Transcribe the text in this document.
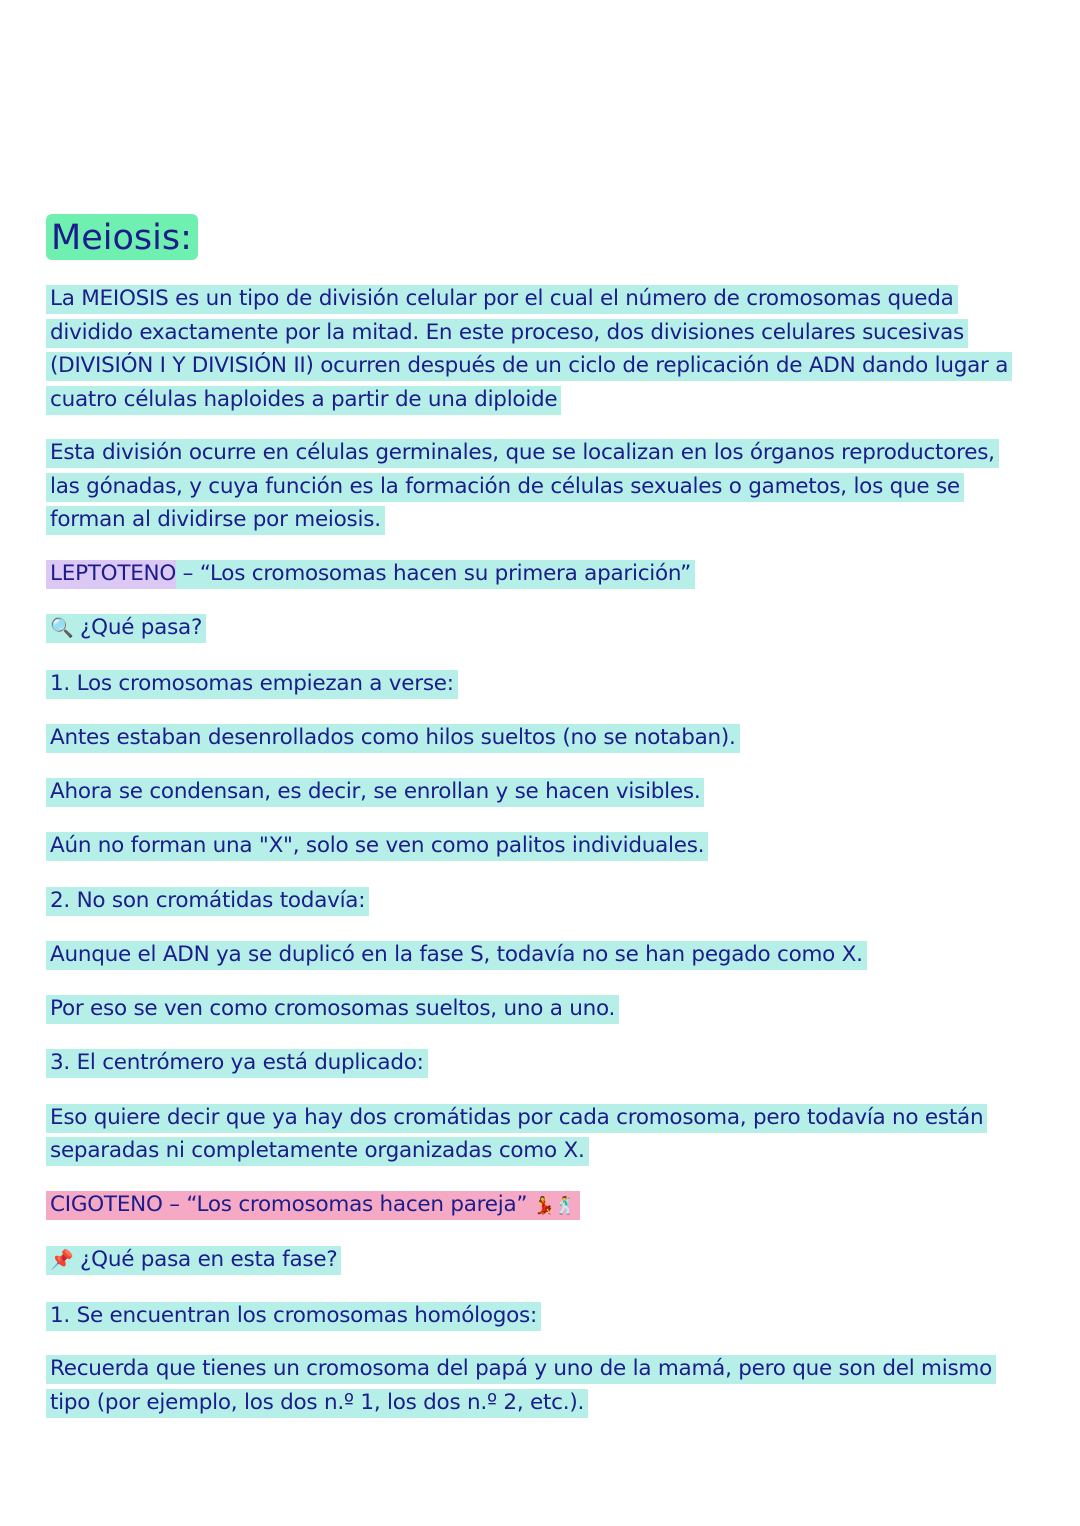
Meiosis:

La MEIOSIS es un tipo de división celular por el cual el número de cromosomas queda dividido exactamente por la mitad. En este proceso, dos divisiones celulares sucesivas (DIVISIÓN I Y DIVISIÓN II) ocurren después de un ciclo de replicación de ADN dando lugar a cuatro células haploides a partir de una diploide

Esta división ocurre en células germinales, que se localizan en los órganos reproductores, las gónadas, y cuya función es la formación de células sexuales o gametos, los que se forman al dividirse por meiosis.

LEPTOTENO – “Los cromosomas hacen su primera aparición”

🔍 ¿Qué pasa?

1. Los cromosomas empiezan a verse:

Antes estaban desenrollados como hilos sueltos (no se notaban).

Ahora se condensan, es decir, se enrollan y se hacen visibles.

Aún no forman una "X", solo se ven como palitos individuales.

2. No son cromátidas todavía:

Aunque el ADN ya se duplicó en la fase S, todavía no se han pegado como X.

Por eso se ven como cromosomas sueltos, uno a uno.

3. El centrómero ya está duplicado:

Eso quiere decir que ya hay dos cromátidas por cada cromosoma, pero todavía no están separadas ni completamente organizadas como X.

CIGOTENO – “Los cromosomas hacen pareja” 💃🕺

📌 ¿Qué pasa en esta fase?

1. Se encuentran los cromosomas homólogos:

Recuerda que tienes un cromosoma del papá y uno de la mamá, pero que son del mismo tipo (por ejemplo, los dos n.º 1, los dos n.º 2, etc.).
